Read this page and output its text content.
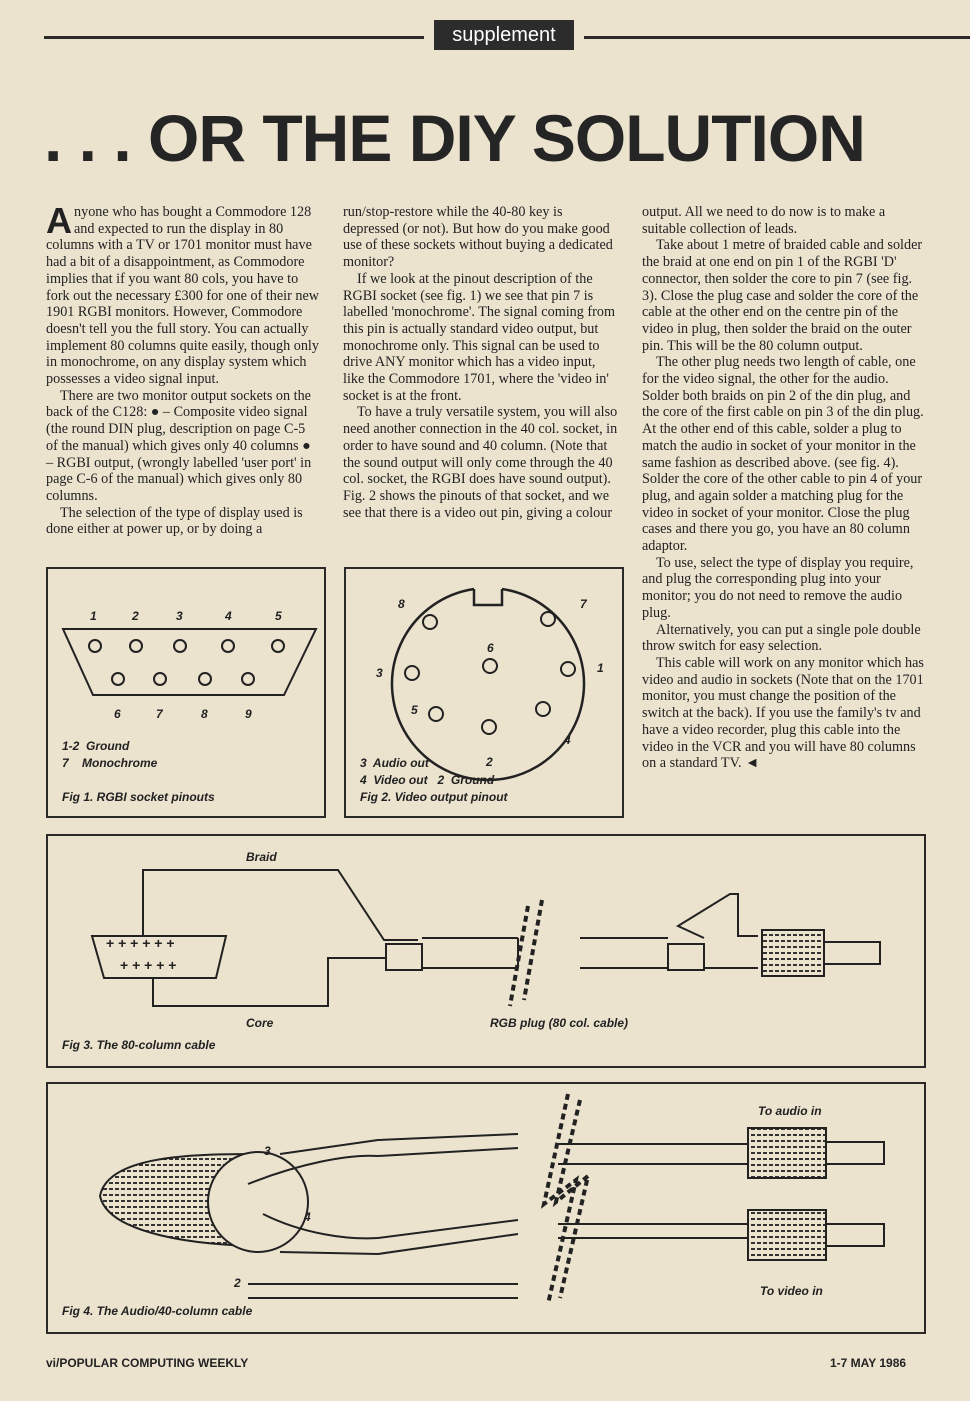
supplement
. . . OR THE DIY SOLUTION

Anyone who has bought a Commodore 128 and expected to run the display in 80 columns with a TV or 1701 monitor must have had a bit of a disappointment, as Commodore implies that if you want 80 cols, you have to fork out the necessary £300 for one of their new 1901 RGBI monitors. However, Commodore doesn't tell you the full story. You can actually implement 80 columns quite easily, though only in monochrome, on any display system which possesses a video signal input.

There are two monitor output sockets on the back of the C128: ● – Composite video signal (the round DIN plug, description on page C-5 of the manual) which gives only 40 columns ● – RGBI output, (wrongly labelled 'user port' in page C-6 of the manual) which gives only 80 columns.

The selection of the type of display used is done either at power up, or by doing a

run/stop-restore while the 40-80 key is depressed (or not). But how do you make good use of these sockets without buying a dedicated monitor?

If we look at the pinout description of the RGBI socket (see fig. 1) we see that pin 7 is labelled 'monochrome'. The signal coming from this pin is actually standard video output, but monochrome only. This signal can be used to drive ANY monitor which has a video input, like the Commodore 1701, where the 'video in' socket is at the front.

To have a truly versatile system, you will also need another connection in the 40 col. socket, in order to have sound and 40 column. (Note that the sound output will only come through the 40 col. socket, the RGBI does have sound output). Fig. 2 shows the pinouts of that socket, and we see that there is a video out pin, giving a colour

output. All we need to do now is to make a suitable collection of leads.

Take about 1 metre of braided cable and solder the braid at one end on pin 1 of the RGBI 'D' connector, then solder the core to pin 7 (see fig. 3). Close the plug case and solder the core of the cable at the other end on the centre pin of the video in plug, then solder the braid on the outer pin. This will be the 80 column output.

The other plug needs two length of cable, one for the video signal, the other for the audio. Solder both braids on pin 2 of the din plug, and the core of the first cable on pin 3 of the din plug. At the other end of this cable, solder a plug to match the audio in socket of your monitor in the same fashion as described above. (see fig. 4). Solder the core of the other cable to pin 4 of your plug, and again solder a matching plug for the video in socket of your monitor. Close the plug cases and there you go, you have an 80 column adaptor.

To use, select the type of display you require, and plug the corresponding plug into your monitor; you do not need to remove the audio plug.

Alternatively, you can put a single pole double throw switch for easy selection.

This cable will work on any monitor which has video and audio in sockets (Note that on the 1701 monitor, you must change the position of the switch at the back). If you use the family's tv and have a video recorder, plug this cable into the video in the VCR and you will have 80 columns on a standard TV. ◄

1	2	3	4	5
6	7	8	9
1-2  Ground
7    Monochrome
Fig 1. RGBI socket pinouts
8	7
6
3	1
5
4
2
3  Audio out
4  Video out   2  Ground
Fig 2. Video output pinout
+ + + + + +
+ + + + +
Braid
Core	RGB plug (80 col. cable)
Fig 3. The 80-column cable
3
4
2
To audio in
To video in
Fig 4. The Audio/40-column cable
vi/POPULAR COMPUTING WEEKLY	1-7 MAY 1986
